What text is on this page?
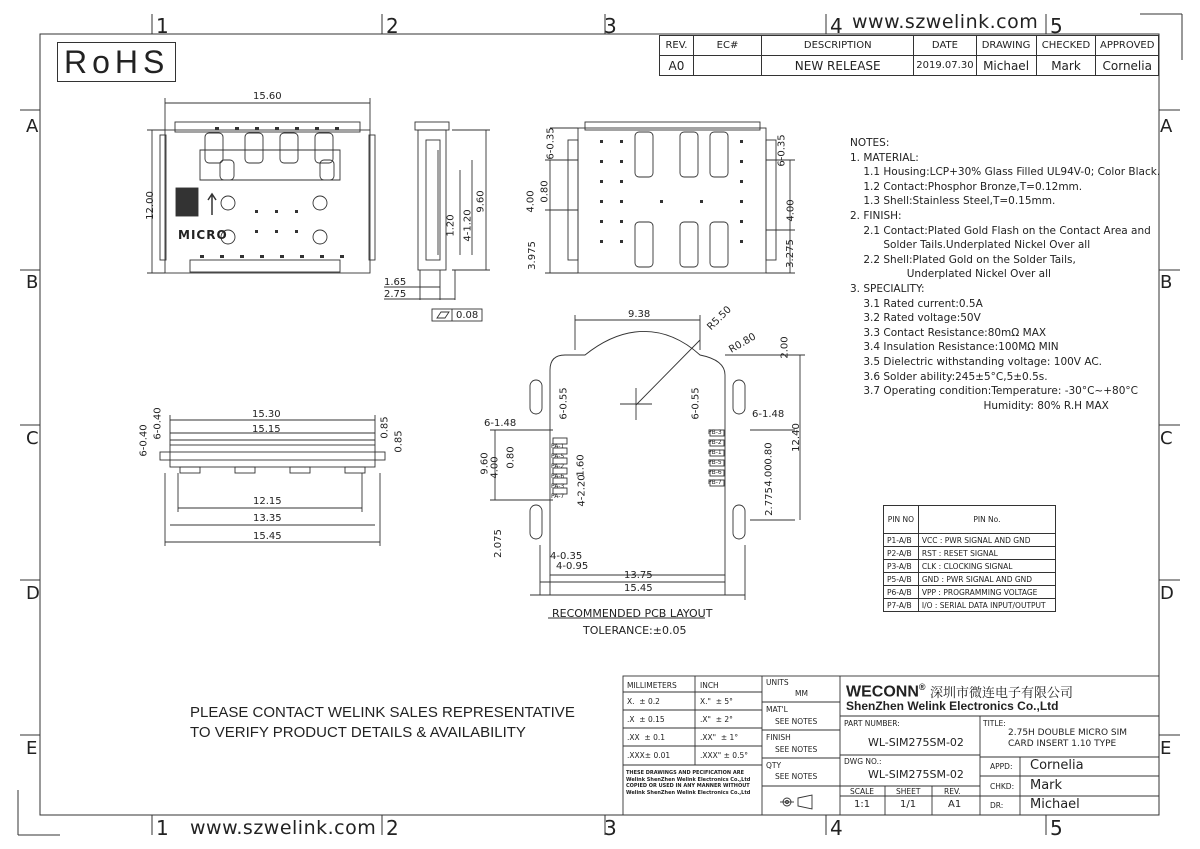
1	2	3	4	5
www.szwelink.com
1	2	3	4	5
www.szwelink.com
A
B
C
D
E
A
B
C
D
E
RoHS	REV.	EC#	DESCRIPTION	DATE	DRAWING	CHECKED	APPROVED
A0		NEW RELEASE	2019.07.30	Michael	Mark	Cornelia
15.60
12.00
MICRO	1.20 4-1.20
9.60
1.65
2.75
0.08
6-0.35
4.00 0.80
3.975
6-0.35
4.00
3.275
15.30
15.15
6-0.40
6-0.40	0.85
0.85
12.15
13.35
15.45
9.38	R5.50
R0.80 2.00
6-0.55	6-0.55
6-1.48
6-1.48
9.60 0.80
4.00	1.60
4-2.20
12.40
0.80
4.00
2.775
2.075	4-0.35
4-0.95
13.75
15.45
PA-1
PA-5
PA-2
PA-6
PA-3
PA-7
PB-3
PB-2
PB-1
PB-5
PB-6
PB-7
RECOMMENDED PCB LAYOUT
TOLERANCE:±0.05
NOTES:
1. MATERIAL:
1.1 Housing:LCP+30% Glass Filled UL94V-0; Color Black.
1.2 Contact:Phosphor Bronze,T=0.12mm.
1.3 Shell:Stainless Steel,T=0.15mm.
2. FINISH:
2.1 Contact:Plated Gold Flash on the Contact Area and
Solder Tails.Underplated Nickel Over all
2.2 Shell:Plated Gold on the Solder Tails,
Underplated Nickel Over all
3. SPECIALITY:
3.1 Rated current:0.5A
3.2 Rated voltage:50V
3.3 Contact Resistance:80mΩ MAX
3.4 Insulation Resistance:100MΩ MIN
3.5 Dielectric withstanding voltage: 100V AC.
3.6 Solder ability:245±5°C,5±0.5s.
3.7 Operating condition:Temperature: -30°C~+80°C
Humidity: 80% R.H MAX
PIN NO	PIN No.
P1-A/B	VCC : PWR SIGNAL AND GND
P2-A/B	RST : RESET SIGNAL
P3-A/B	CLK : CLOCKING SIGNAL
P5-A/B	GND : PWR SIGNAL AND GND
P6-A/B	VPP : PROGRAMMING VOLTAGE
P7-A/B	I/O : SERIAL DATA INPUT/OUTPUT
PLEASE CONTACT WELINK SALES REPRESENTATIVE
TO VERIFY PRODUCT DETAILS & AVAILABILITY
MILLIMETERS	INCH
X.  ± 0.2	X."  ± 5°
.X  ± 0.15	.X"  ± 2°
.XX  ± 0.1	.XX"  ± 1°
.XXX± 0.01	.XXX" ± 0.5°
THESE DRAWINGS AND PECIFICATION ARE Welink ShenZhen Welink Electronics Co.,Ltd COPIED OR USED IN ANY MANNER WITHOUT Welink ShenZhen Welink Electronics Co.,Ltd
UNITS
MM
MAT'L
SEE NOTES
FINISH
SEE NOTES
QTY
SEE NOTES
WECONN® 深圳市微连电子有限公司
ShenZhen Welink Electronics Co.,Ltd
PART NUMBER:
WL-SIM275SM-02
DWG NO.:
WL-SIM275SM-02
SCALE
1:1
SHEET
1/1
REV.
A1
TITLE:
2.75H DOUBLE MICRO SIM
CARD INSERT 1.10 TYPE
APPD: Cornelia
CHKD: Mark
DR: Michael
